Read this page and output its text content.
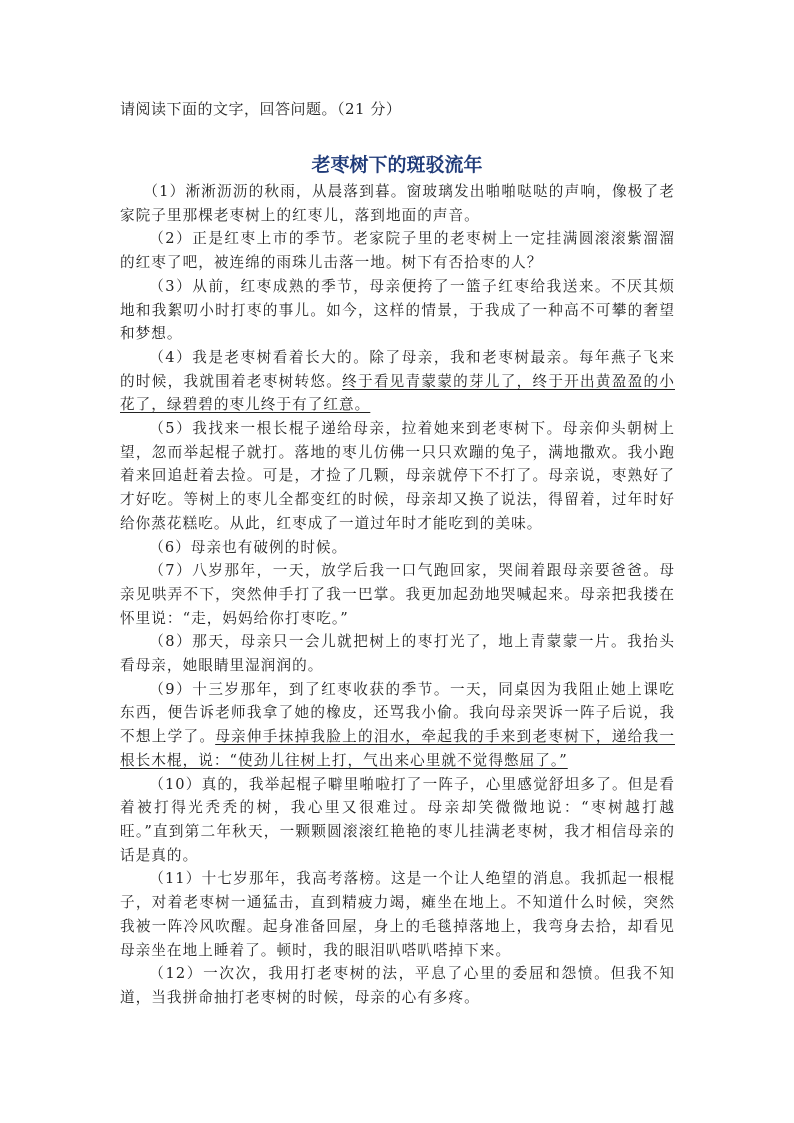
请阅读下面的文字，回答问题。（21 分）
老枣树下的斑驳流年

（1）淅淅沥沥的秋雨，从晨落到暮。窗玻璃发出啪啪哒哒的声响，像极了老家院子里那棵老枣树上的红枣儿，落到地面的声音。

（2）正是红枣上市的季节。老家院子里的老枣树上一定挂满圆滚滚紫溜溜的红枣了吧，被连绵的雨珠儿击落一地。树下有否拾枣的人？

（3）从前，红枣成熟的季节，母亲便挎了一篮子红枣给我送来。不厌其烦地和我絮叨小时打枣的事儿。如今，这样的情景，于我成了一种高不可攀的奢望和梦想。

（4）我是老枣树看着长大的。除了母亲，我和老枣树最亲。每年燕子飞来的时候，我就围着老枣树转悠。终于看见青蒙蒙的芽儿了，终于开出黄盈盈的小花了，绿碧碧的枣儿终于有了红意。

（5）我找来一根长棍子递给母亲，拉着她来到老枣树下。母亲仰头朝树上望，忽而举起棍子就打。落地的枣儿仿佛一只只欢蹦的兔子，满地撒欢。我小跑着来回追赶着去捡。可是，才捡了几颗，母亲就停下不打了。母亲说，枣熟好了才好吃。等树上的枣儿全都变红的时候，母亲却又换了说法，得留着，过年时好给你蒸花糕吃。从此，红枣成了一道过年时才能吃到的美味。

（6）母亲也有破例的时候。

（7）八岁那年，一天，放学后我一口气跑回家，哭闹着跟母亲要爸爸。母亲见哄弄不下，突然伸手打了我一巴掌。我更加起劲地哭喊起来。母亲把我搂在怀里说：“走，妈妈给你打枣吃。”

（8）那天，母亲只一会儿就把树上的枣打光了，地上青蒙蒙一片。我抬头看母亲，她眼睛里湿润润的。

（9）十三岁那年，到了红枣收获的季节。一天，同桌因为我阻止她上课吃东西，便告诉老师我拿了她的橡皮，还骂我小偷。我向母亲哭诉一阵子后说，我不想上学了。母亲伸手抹掉我脸上的泪水，牵起我的手来到老枣树下，递给我一根长木棍，说：“使劲儿往树上打，气出来心里就不觉得憋屈了。”

（10）真的，我举起棍子噼里啪啦打了一阵子，心里感觉舒坦多了。但是看着被打得光秃秃的树，我心里又很难过。母亲却笑微微地说：“枣树越打越旺。”直到第二年秋天，一颗颗圆滚滚红艳艳的枣儿挂满老枣树，我才相信母亲的话是真的。

（11）十七岁那年，我高考落榜。这是一个让人绝望的消息。我抓起一根棍子，对着老枣树一通猛击，直到精疲力竭，瘫坐在地上。不知道什么时候，突然我被一阵冷风吹醒。起身准备回屋，身上的毛毯掉落地上，我弯身去拾，却看见母亲坐在地上睡着了。顿时，我的眼泪叭嗒叭嗒掉下来。

（12）一次次，我用打老枣树的法，平息了心里的委屈和怨愤。但我不知道，当我拼命抽打老枣树的时候，母亲的心有多疼。
